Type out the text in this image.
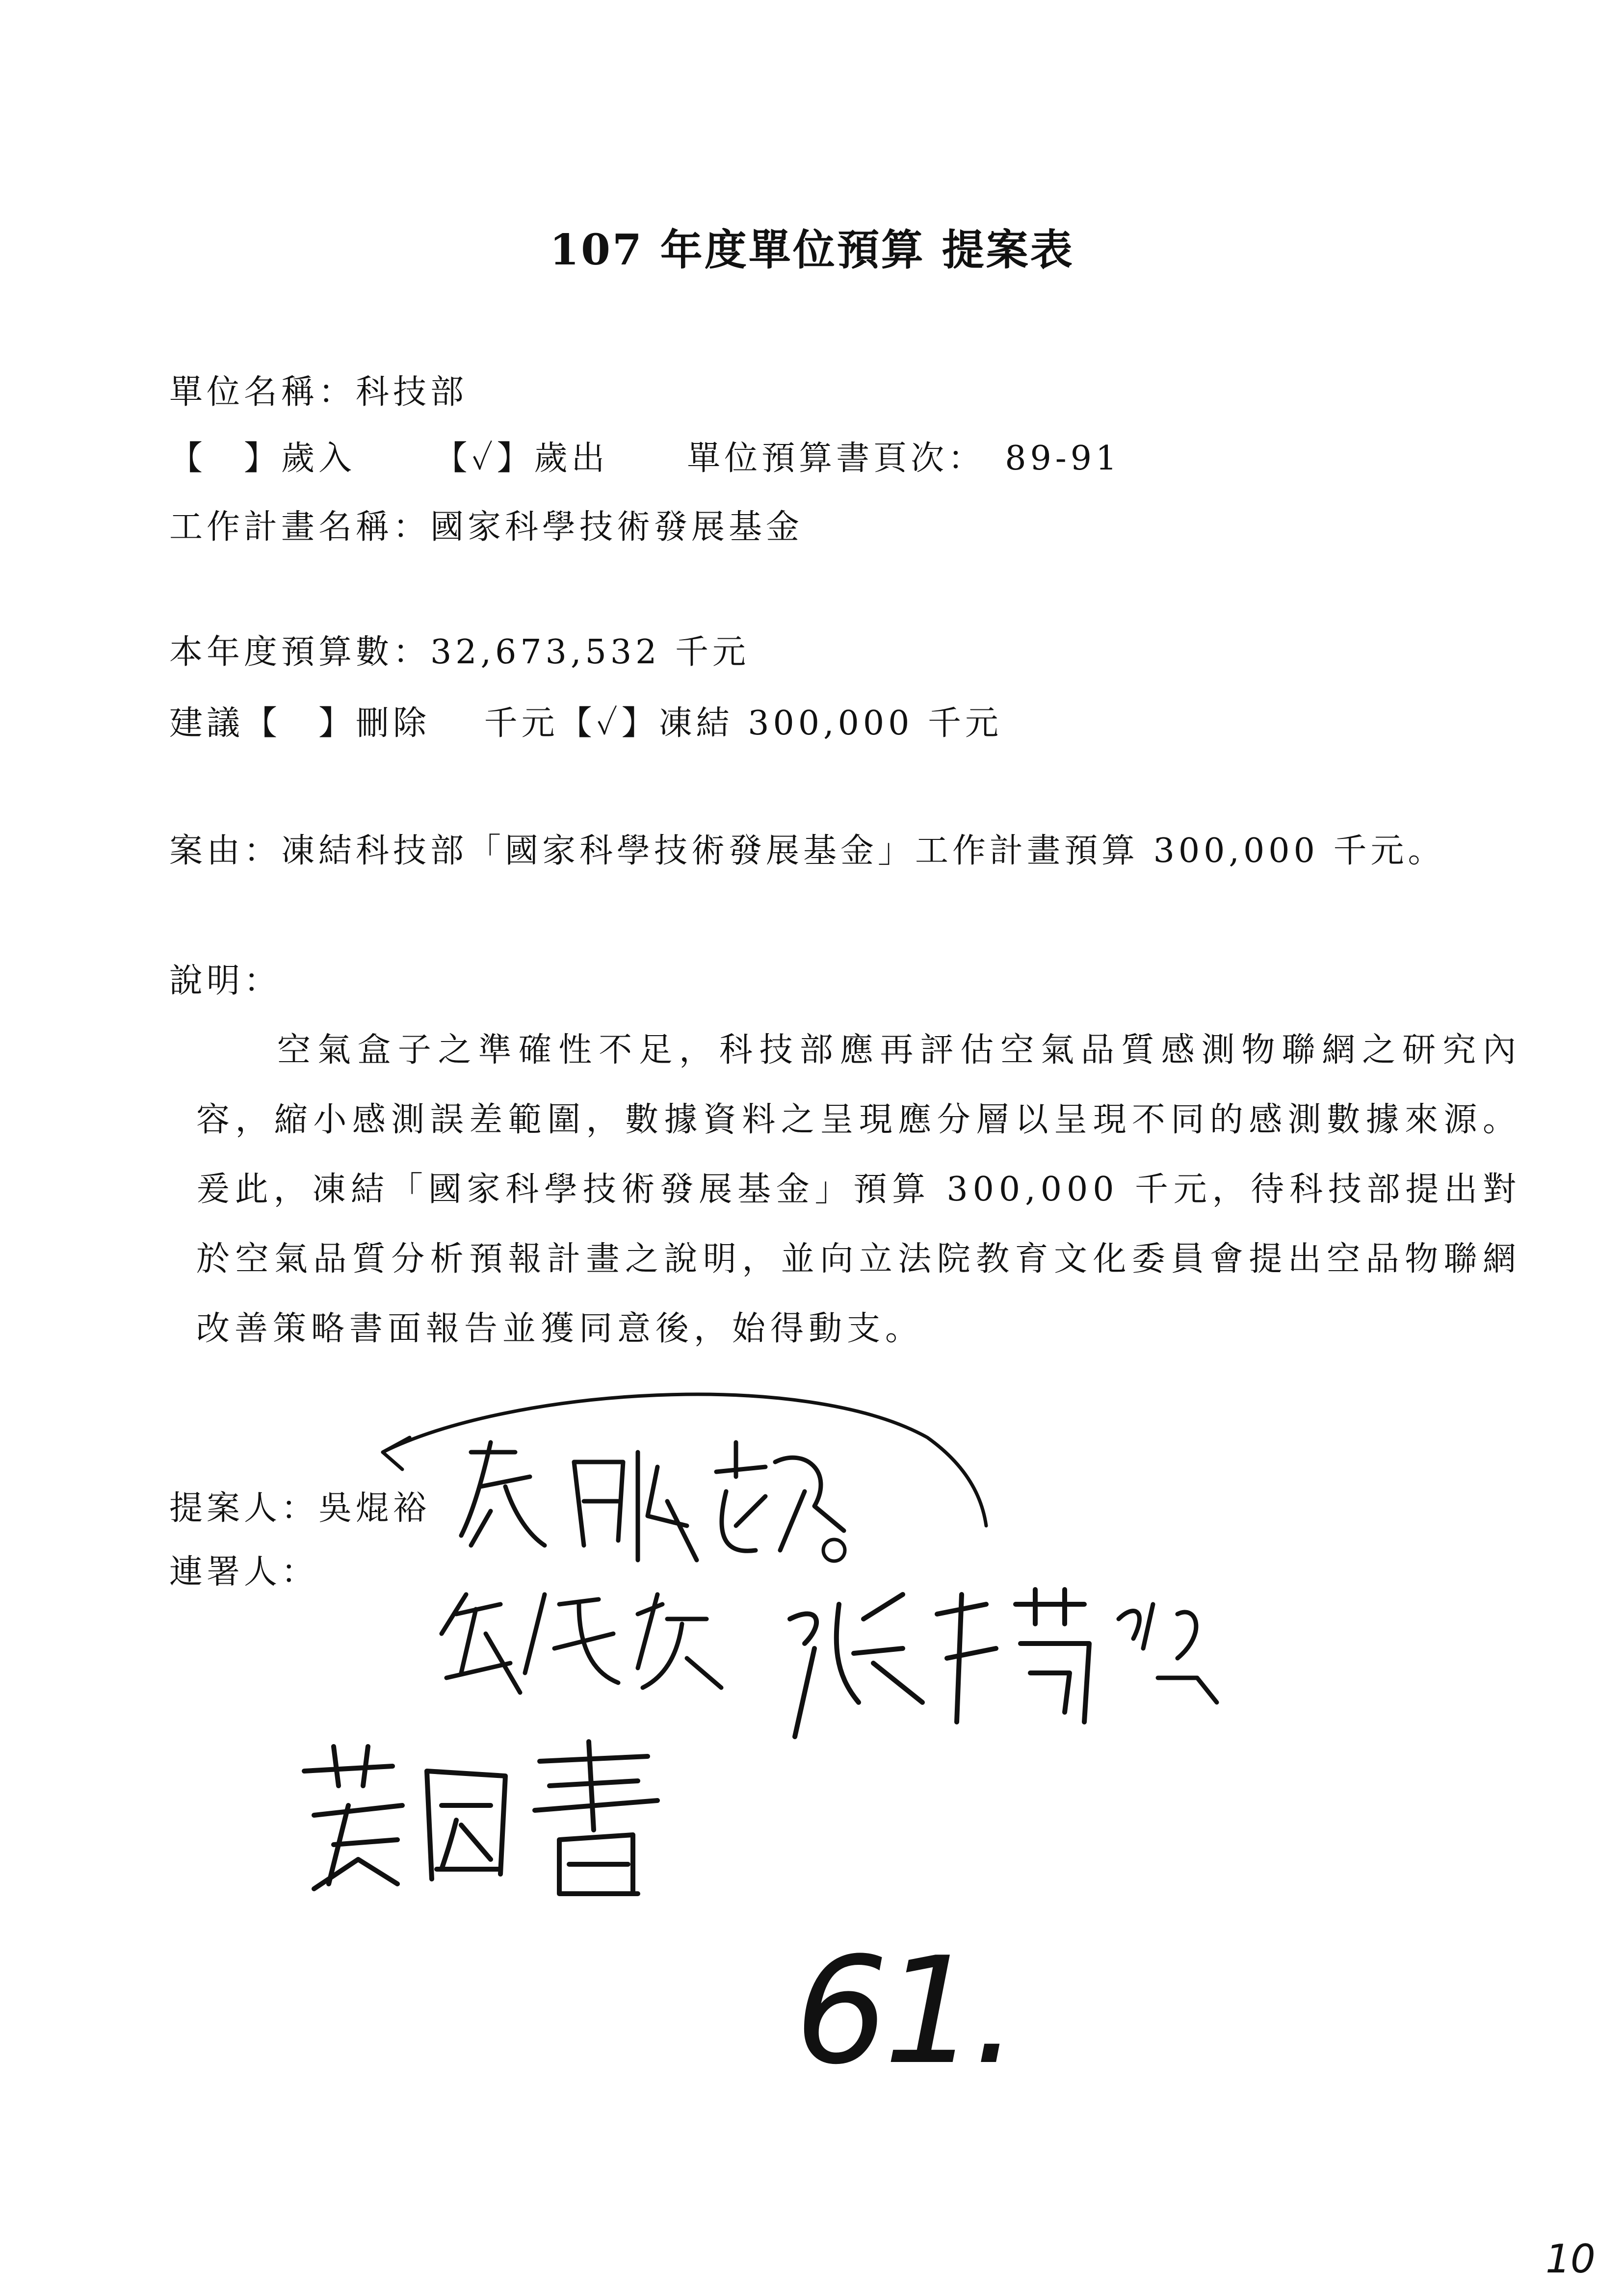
107 年度單位預算 提案表
單位名稱：科技部
【　】歲入 【✓】歲出 單位預算書頁次： 89-91
工作計畫名稱：國家科學技術發展基金
本年度預算數：32,673,532 千元
建議【　】刪除 千元【✓】凍結 300,000 千元
案由：凍結科技部「國家科學技術發展基金」工作計畫預算 300,000 千元。
說明：
空氣盒子之準確性不足，科技部應再評估空氣品質感測物聯網之研究內容，縮小感測誤差範圍，數據資料之呈現應分層以呈現不同的感測數據來源。爰此，凍結「國家科學技術發展基金」預算 300,000 千元，待科技部提出對於空氣品質分析預報計畫之說明，並向立法院教育文化委員會提出空品物聯網改善策略書面報告並獲同意後，始得動支。
提案人：吳焜裕
連署人：
61.
10
